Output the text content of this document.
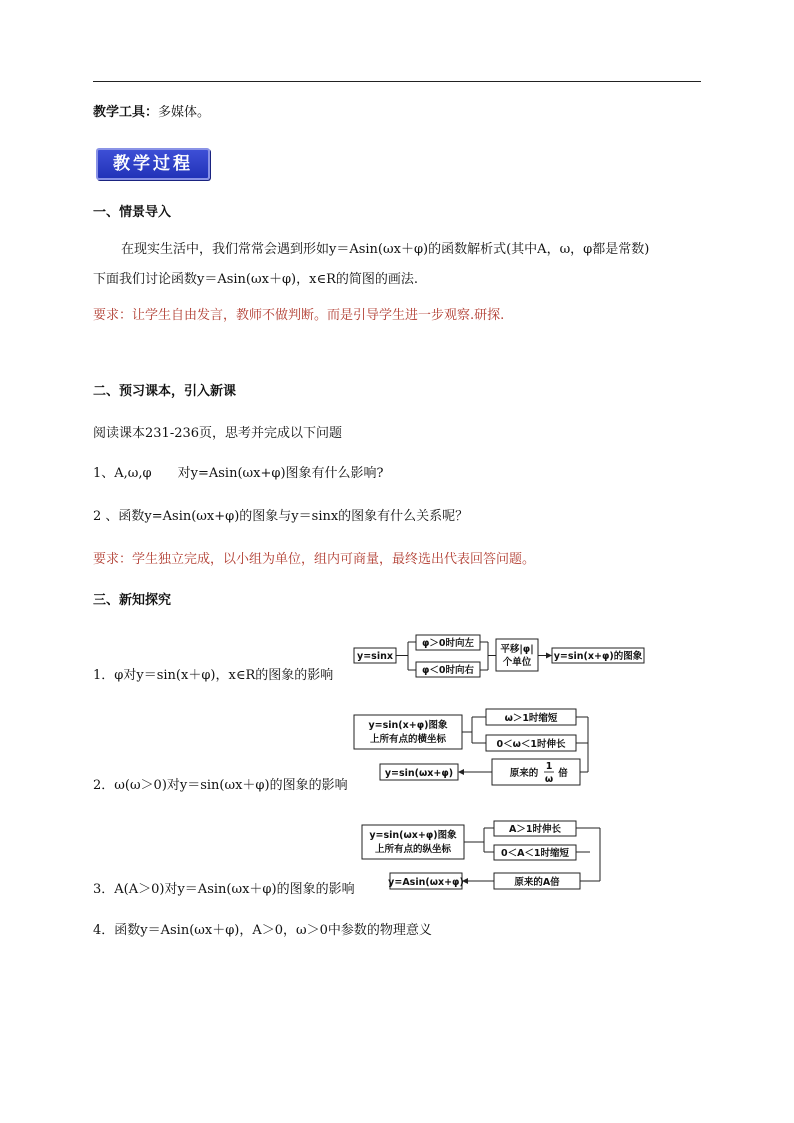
教学工具：多媒体。
教学过程
一、情景导入
在现实生活中，我们常常会遇到形如y＝Asin(ωx＋φ)的函数解析式(其中A，ω，φ都是常数)
下面我们讨论函数y＝Asin(ωx＋φ)，x∈R的简图的画法.
要求：让学生自由发言，教师不做判断。而是引导学生进一步观察.研探.
二、预习课本，引入新课
阅读课本231-236页，思考并完成以下问题
1、A,ω,φ　　对y=Asin(ωx+φ)图象有什么影响?
2 、函数y=Asin(ωx+φ)的图象与y＝sinx的图象有什么关系呢？
要求：学生独立完成，以小组为单位，组内可商量，最终选出代表回答问题。
三、新知探究
1．φ对y＝sin(x＋φ)，x∈R的图象的影响
2．ω(ω＞0)对y＝sin(ωx＋φ)的图象的影响
3．A(A＞0)对y＝Asin(ωx＋φ)的图象的影响
4．函数y＝Asin(ωx＋φ)，A＞0，ω＞0中参数的物理意义
y=sinx
φ＞0时向左
φ＜0时向右
平移|φ|
个单位
y=sin(x+φ)的图象
y=sin(x+φ)图象
上所有点的横坐标
ω＞1时缩短
0＜ω＜1时伸长
原来的
1
ω
倍
y=sin(ωx+φ)
y=sin(ωx+φ)图象
上所有点的纵坐标
A＞1时伸长
0＜A＜1时缩短
原来的A倍
y=Asin(ωx+φ)
